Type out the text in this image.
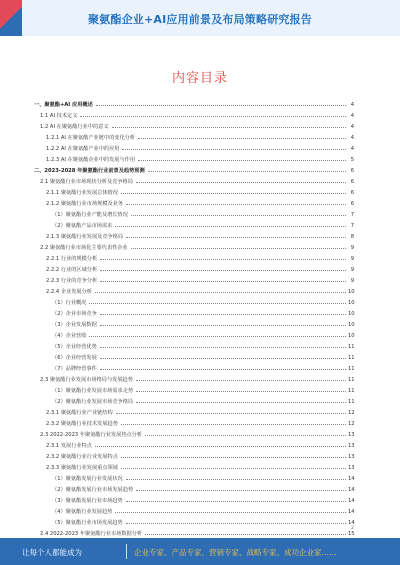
聚氨酯企业+AI应用前景及布局策略研究报告
内容目录
一、聚氨酯+AI 应用概述	4
1.1 AI 技术定义	4
1.2 AI 在聚氨酯行业中的意义	4
1.2.1 AI 在聚氨酯产业链中的变化分析	4
1.2.2 AI 在聚氨酯产业中的应用	4
1.2.3 AI 在聚氨酯企业中的发展与作用	5
二、2023-2028 年聚氨酯行业前景及趋势预测	6
2.1 聚氨酯行业市场现状分析及竞争格局	6
2.1.1 聚氨酯行业发展总体情况	6
2.1.2 聚氨酯行业市场规模及业务	6
（1）聚氨酯行业产能及增长情况	7
（2）聚氨酯产品市场需求	7
2.1.3 聚氨酯行业发展及竞争格局	8
2.2 聚氨酯行业市场化主要代表性企业	9
2.2.1 行业的规模分析	9
2.2.2 行业的区域分析	9
2.2.3 行业的竞争分析	9
2.2.4 企业发展分析	10
（1）行业概况	10
（2）企业市场竞争	10
（3）企业发展数据	10
（4）企业营收	10
（5）企业经营优势	11
（6）企业经营发展	11
（7）品牌经营事件	11
2.3 聚氨酯行业发展市场格局与发展趋势	11
（1）聚氨酯行业发展市场需求走势	11
（2）聚氨酯行业发展市场竞争格局	11
2.3.1 聚氨酯行业产业链结构	12
2.3.2 聚氨酯行业技术发展趋势	12
2.3 2022-2023 年聚氨酯行业发展热点分析	13
2.3.1 发展行业特点	13
2.3.2 聚氨酯行业行业发展特点	13
2.3.3 聚氨酯行业发展重点领域	13
（1）聚氨酯发展行业发展状况	14
（2）聚氨酯发展行业市场发展趋势	14
（3）聚氨酯发展行业市场趋势	14
（4）聚氨酯行业发展趋势	14
（5）聚氨酯行业市场发展趋势	14
2.4 2022-2023 年聚氨酯行业市场数据分析	15
2
让每个人都能成为	企业专家、产品专家、营销专家、战略专家、成功企业家……
